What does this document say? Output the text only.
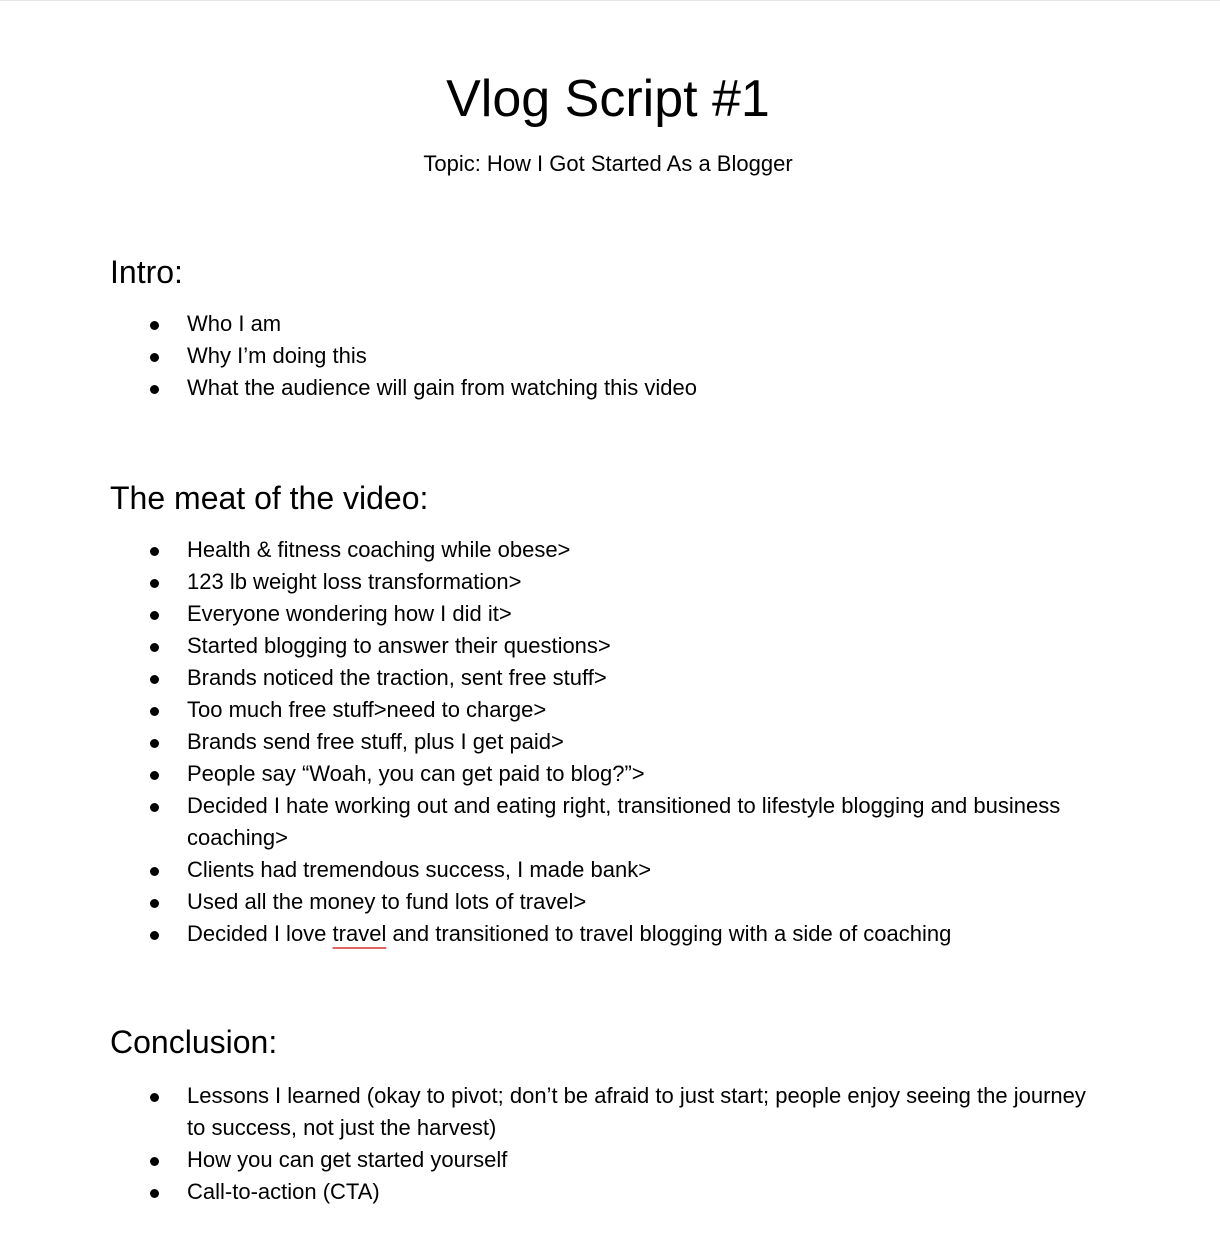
Vlog Script #1
Topic: How I Got Started As a Blogger
Intro:
Who I am
Why I’m doing this
What the audience will gain from watching this video
The meat of the video:
Health & fitness coaching while obese>
123 lb weight loss transformation>
Everyone wondering how I did it>
Started blogging to answer their questions>
Brands noticed the traction, sent free stuff>
Too much free stuff>need to charge>
Brands send free stuff, plus I get paid>
People say “Woah, you can get paid to blog?”>
Decided I hate working out and eating right, transitioned to lifestyle blogging and business coaching>
Clients had tremendous success, I made bank>
Used all the money to fund lots of travel>
Decided I love travel and transitioned to travel blogging with a side of coaching
Conclusion:
Lessons I learned (okay to pivot; don’t be afraid to just start; people enjoy seeing the journey to success, not just the harvest)
How you can get started yourself
Call-to-action (CTA)
